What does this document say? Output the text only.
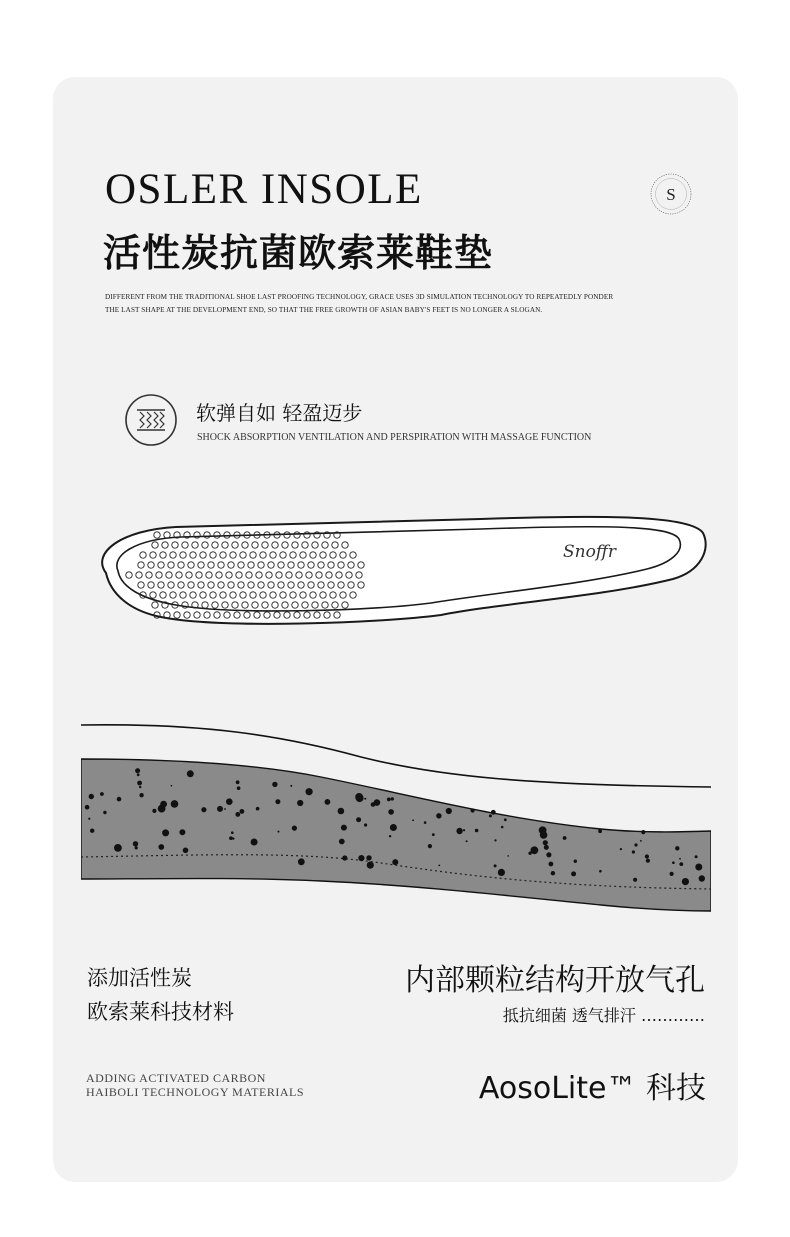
OSLER INSOLE
活性炭抗菌欧索莱鞋垫
DIFFERENT FROM THE TRADITIONAL SHOE LAST PROOFING TECHNOLOGY, GRACE USES 3D SIMULATION TECHNOLOGY TO REPEATEDLY PONDER
THE LAST SHAPE AT THE DEVELOPMENT END, SO THAT THE FREE GROWTH OF ASIAN BABY'S FEET IS NO LONGER A SLOGAN.
S
软弹自如 轻盈迈步
SHOCK ABSORPTION VENTILATION AND PERSPIRATION WITH MASSAGE FUNCTION
Snoffr
添加活性炭
欧索莱科技材料
内部颗粒结构开放气孔
抵抗细菌 透气排汗 …………
ADDING ACTIVATED CARBON
HAIBOLI TECHNOLOGY MATERIALS	AosoLite™ 科技
